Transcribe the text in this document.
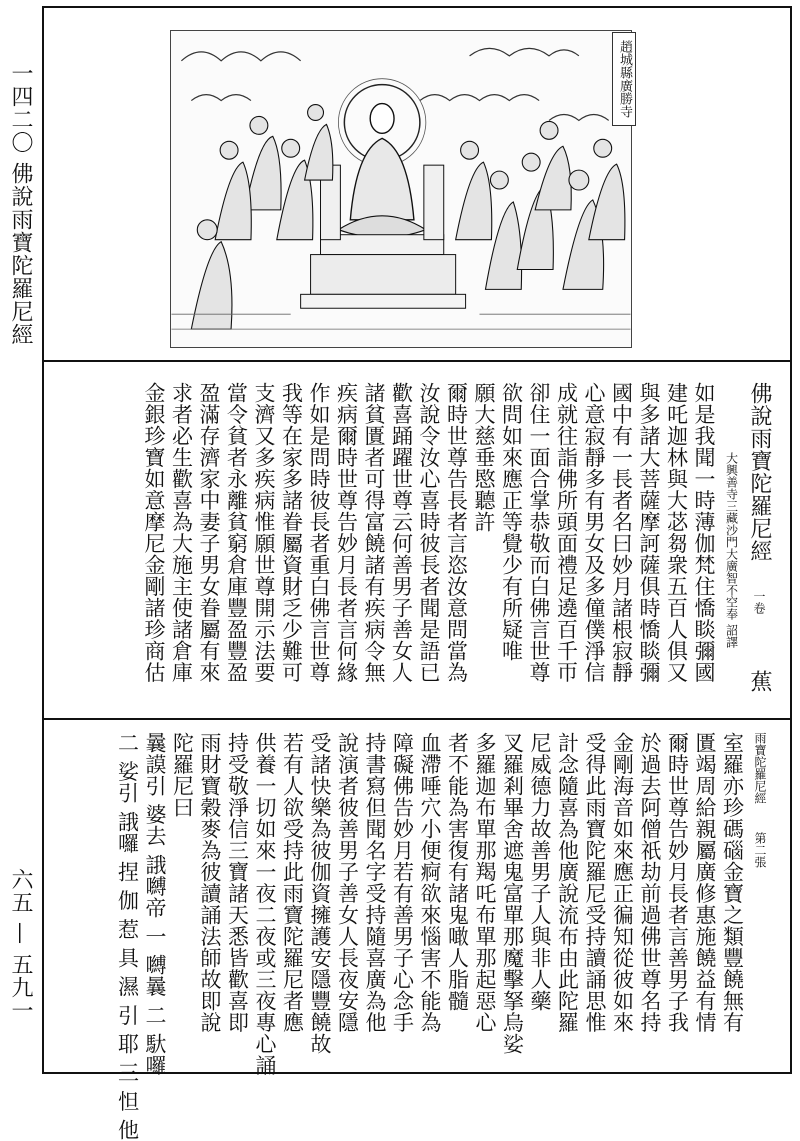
一四二〇 佛說雨寶陀羅尼經
六五 — 五九一
趙城縣廣勝寺
佛說雨寶陀羅尼經一卷蕉
大興善寺三藏沙門大廣智不空奉 詔譯
如是我聞一時薄伽梵住憍睒彌國
建吒迦林與大苾芻衆五百人俱又
與多諸大菩薩摩訶薩俱時憍睒彌
國中有一長者名曰妙月諸根寂靜
心意寂靜多有男女及多僮僕淨信
成就往詣佛所頭面禮足遶百千帀
卻住一面合掌恭敬而白佛言世尊
欲問如來應正等覺少有所疑唯
願大慈垂愍聽許
爾時世尊告長者言恣汝意問當為
汝說令汝心喜時彼長者聞是語已
歡喜踊躍世尊云何善男子善女人
諸貧匱者可得富饒諸有疾病令無
疾病爾時世尊告妙月長者言何緣
作如是問時彼長者重白佛言世尊
我等在家多諸眷屬資財乏少難可
支濟又多疾病惟願世尊開示法要
當令貧者永離貧窮倉庫豐盈豐盈
盈滿存濟家中妻子男女眷屬有來
求者必生歡喜為大施主使諸倉庫
金銀珍寶如意摩尼金剛諸珍商估
雨寶陀羅尼經第二張
室羅亦珍碼碯金寶之類豐饒無有
匱竭周給親屬廣修惠施饒益有情
爾時世尊告妙月長者言善男子我
於過去阿僧祇劫前過佛世尊名持
金剛海音如來應正徧知從彼如來
受得此雨寶陀羅尼受持讀誦思惟
計念隨喜為他廣說流布由此陀羅
尼威德力故善男子人與非人藥
叉羅剎畢舍遮鬼富單那魔擊拏烏娑
多羅迦布單那羯吒布單那起惡心
者不能為害復有諸鬼噉人脂髓
血滯唾穴小便痾欲來惱害不能為
障礙佛告妙月若有善男子心念手
持書寫但聞名字受持隨喜廣為他
說演者彼善男子善女人長夜安隱
受諸快樂為彼伽資擁護安隱豐饒故
若有人欲受持此雨寶陀羅尼者應
供養一切如來一夜二夜或三夜專心誦
持受敬淨信三寶諸天悉皆歡喜即
雨財寶穀麥為彼讀誦法師故即說
陀羅尼曰
曩謨引 婆去 誐嚩帝 一 嚩曩 二 馱囉
二 娑引 誐囉 捏 伽 惹 具 濕 引 耶 三 怛 他
